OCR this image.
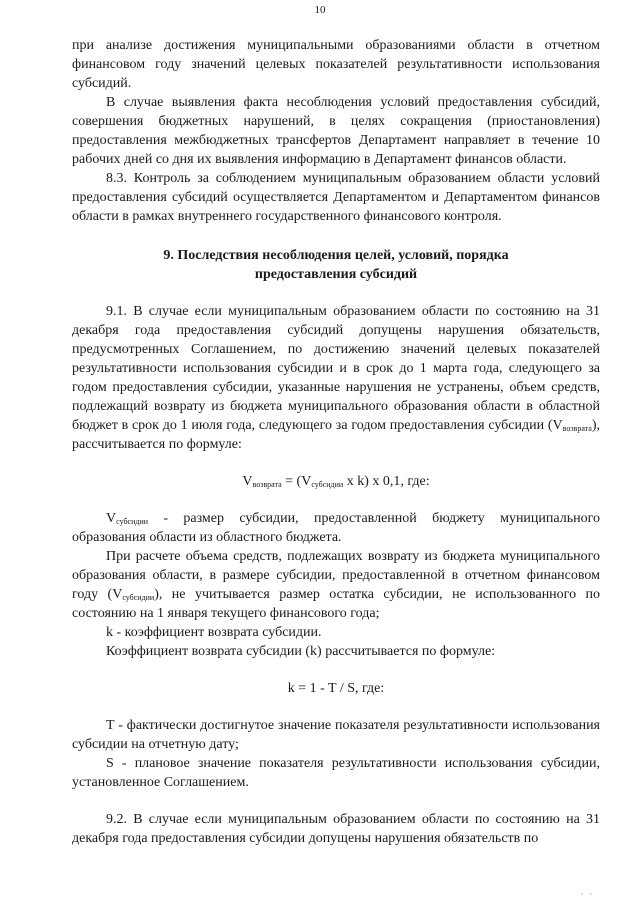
10

при анализе достижения муниципальными образованиями области в отчетном финансовом году значений целевых показателей результативности использования субсидий.

В случае выявления факта несоблюдения условий предоставления субсидий, совершения бюджетных нарушений, в целях сокращения (приостановления) предоставления межбюджетных трансфертов Департамент направляет в течение 10 рабочих дней со дня их выявления информацию в Департамент финансов области.

8.3. Контроль за соблюдением муниципальным образованием области условий предоставления субсидий осуществляется Департаментом и Департаментом финансов области в рамках внутреннего государственного финансового контроля.

9. Последствия несоблюдения целей, условий, порядка
предоставления субсидий

9.1. В случае если муниципальным образованием области по состоянию на 31 декабря года предоставления субсидий допущены нарушения обязательств, предусмотренных Соглашением, по достижению значений целевых показателей результативности использования субсидии и в срок до 1 марта года, следующего за годом предоставления субсидии, указанные нарушения не устранены, объем средств, подлежащий возврату из бюджета муниципального образования области в областной бюджет в срок до 1 июля года, следующего за годом предоставления субсидии $(V_{возврата})$, рассчитывается по формуле:

$V_{возврата} = (V_{субсидии}$ x k) x 0,1, где:

$V_{субсидии}$ - размер субсидии, предоставленной бюджету муниципального образования области из областного бюджета.

При расчете объема средств, подлежащих возврату из бюджета муниципального образования области, в размере субсидии, предоставленной в отчетном финансовом году $(V_{субсидии})$, не учитывается размер остатка субсидии, не использованного по состоянию на 1 января текущего финансового года;

k - коэффициент возврата субсидии.

Коэффициент возврата субсидии (k) рассчитывается по формуле:

k = 1 - T / S, где:

T - фактически достигнутое значение показателя результативности использования субсидии на отчетную дату;

S - плановое значение показателя результативности использования субсидии, установленное Соглашением.

9.2. В случае если муниципальным образованием области по состоянию на 31 декабря года предоставления субсидии допущены нарушения обязательств по

· ·
